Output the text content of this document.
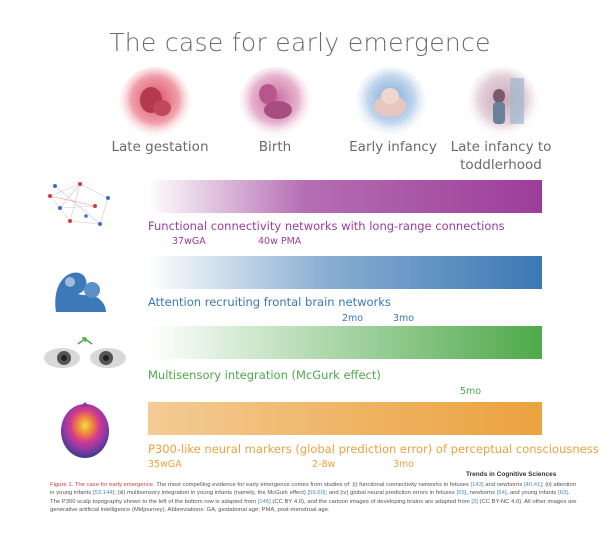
The case for early emergence
Late gestation	Birth	Early infancy	Late infancy to toddlerhood
Functional connectivity networks with long-range connections
37wGA	40w PMA
Attention recruiting frontal brain networks
2mo	3mo
Multisensory integration (McGurk effect)
5mo
P300-like neural markers (global prediction error) of perceptual consciousness
35wGA	2-8w	3mo
Trends in Cognitive Sciences
Figure 1. The case for early emergence. The most compelling evidence for early emergence comes from studies of: (i) functional connectivity networks in fetuses [143] and newborns [40,41]; (ii) attention in young infants [53,144]; (iii) multisensory integration in young infants (namely, the McGurk effect) [59,60]; and (iv) global neural prediction errors in fetuses [65], newborns [64], and young infants [63]. The P300 scalp topography shown to the left of the bottom row is adapted from [145] (CC BY 4.0), and the cartoon images of developing brains are adapted from [3] (CC BY-NC 4.0). All other images are generative artificial intelligence (Midjourney). Abbreviations: GA, gestational age; PMA, post-menstrual age.
